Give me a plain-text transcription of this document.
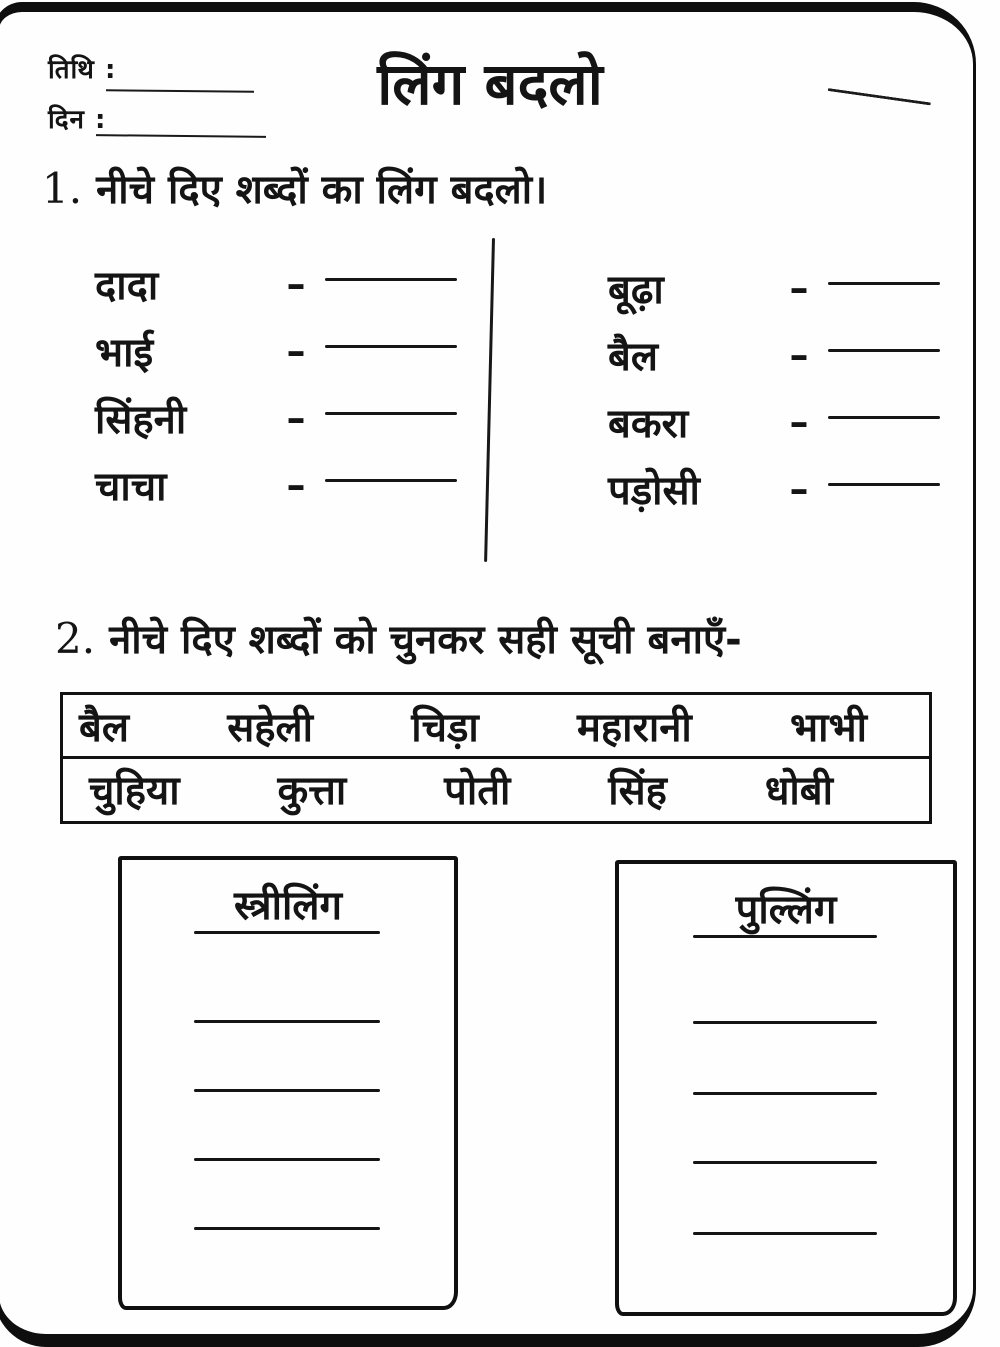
तिथि :
दिन :
लिंग बदलो
1. नीचे दिए शब्दों का लिंग बदलो।
दादा	–
भाई	–
सिंहनी	–
चाचा	–
बूढ़ा	–
बैल	–
बकरा	–
पड़ोसी	–
2. नीचे दिए शब्दों को चुनकर सही सूची बनाएँ-
बैल सहेली चिड़ा महारानी भाभी
चुहिया कुत्ता पोती सिंह धोबी
स्त्रीलिंग	पुल्लिंग
